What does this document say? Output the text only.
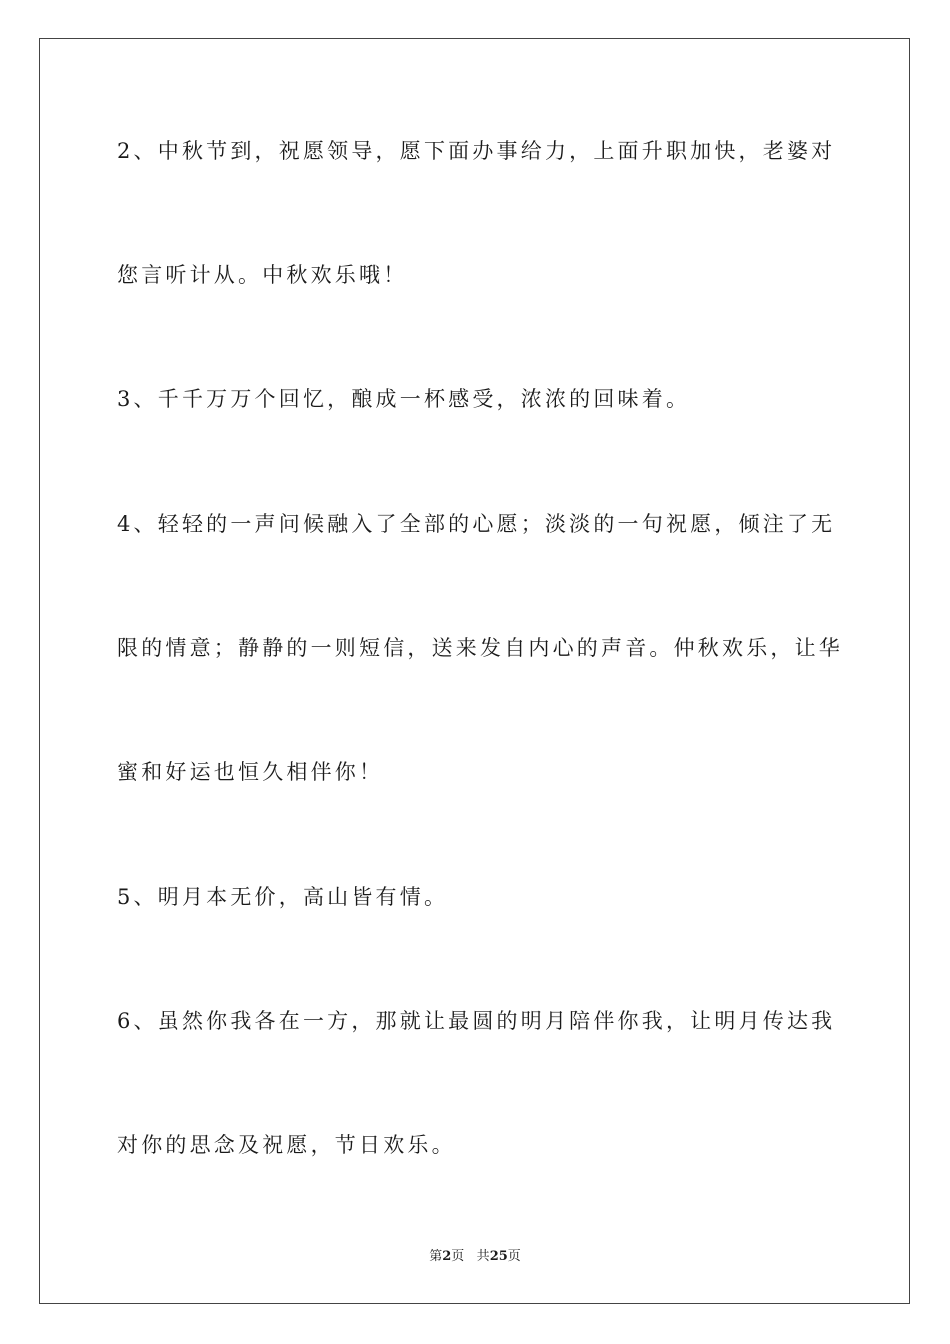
2、中秋节到，祝愿领导，愿下面办事给力，上面升职加快，老婆对
您言听计从。中秋欢乐哦！
3、千千万万个回忆，酿成一杯感受，浓浓的回味着。
4、轻轻的一声问候融入了全部的心愿；淡淡的一句祝愿，倾注了无
限的情意；静静的一则短信，送来发自内心的声音。仲秋欢乐，让华
蜜和好运也恒久相伴你！
5、明月本无价，高山皆有情。
6、虽然你我各在一方，那就让最圆的明月陪伴你我，让明月传达我
对你的思念及祝愿，节日欢乐。
第2页 共25页
